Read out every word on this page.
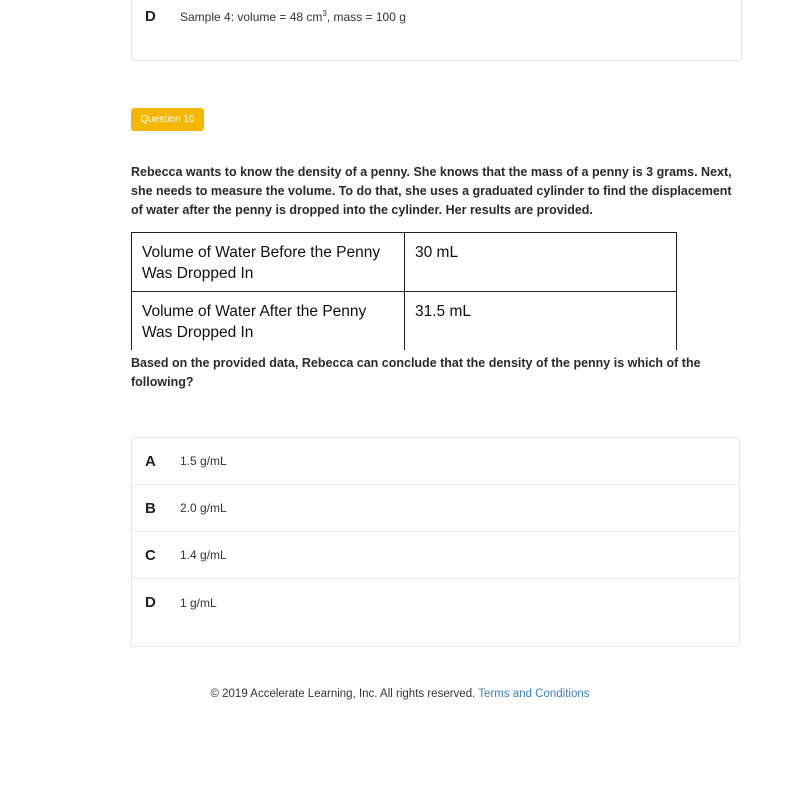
D	Sample 4: volume = 48 $cm^3$, mass = 100 g
Question 10
Rebecca wants to know the density of a penny. She knows that the mass of a penny is 3 grams. Next, she needs to measure the volume. To do that, she uses a graduated cylinder to find the displacement of water after the penny is dropped into the cylinder. Her results are provided.
Volume of Water Before the Penny Was Dropped In	30 mL
Volume of Water After the Penny Was Dropped In	31.5 mL
Based on the provided data, Rebecca can conclude that the density of the penny is which of the following?
A	1.5 g/mL
B	2.0 g/mL
C	1.4 g/mL
D	1 g/mL
© 2019 Accelerate Learning, Inc. All rights reserved. Terms and Conditions
